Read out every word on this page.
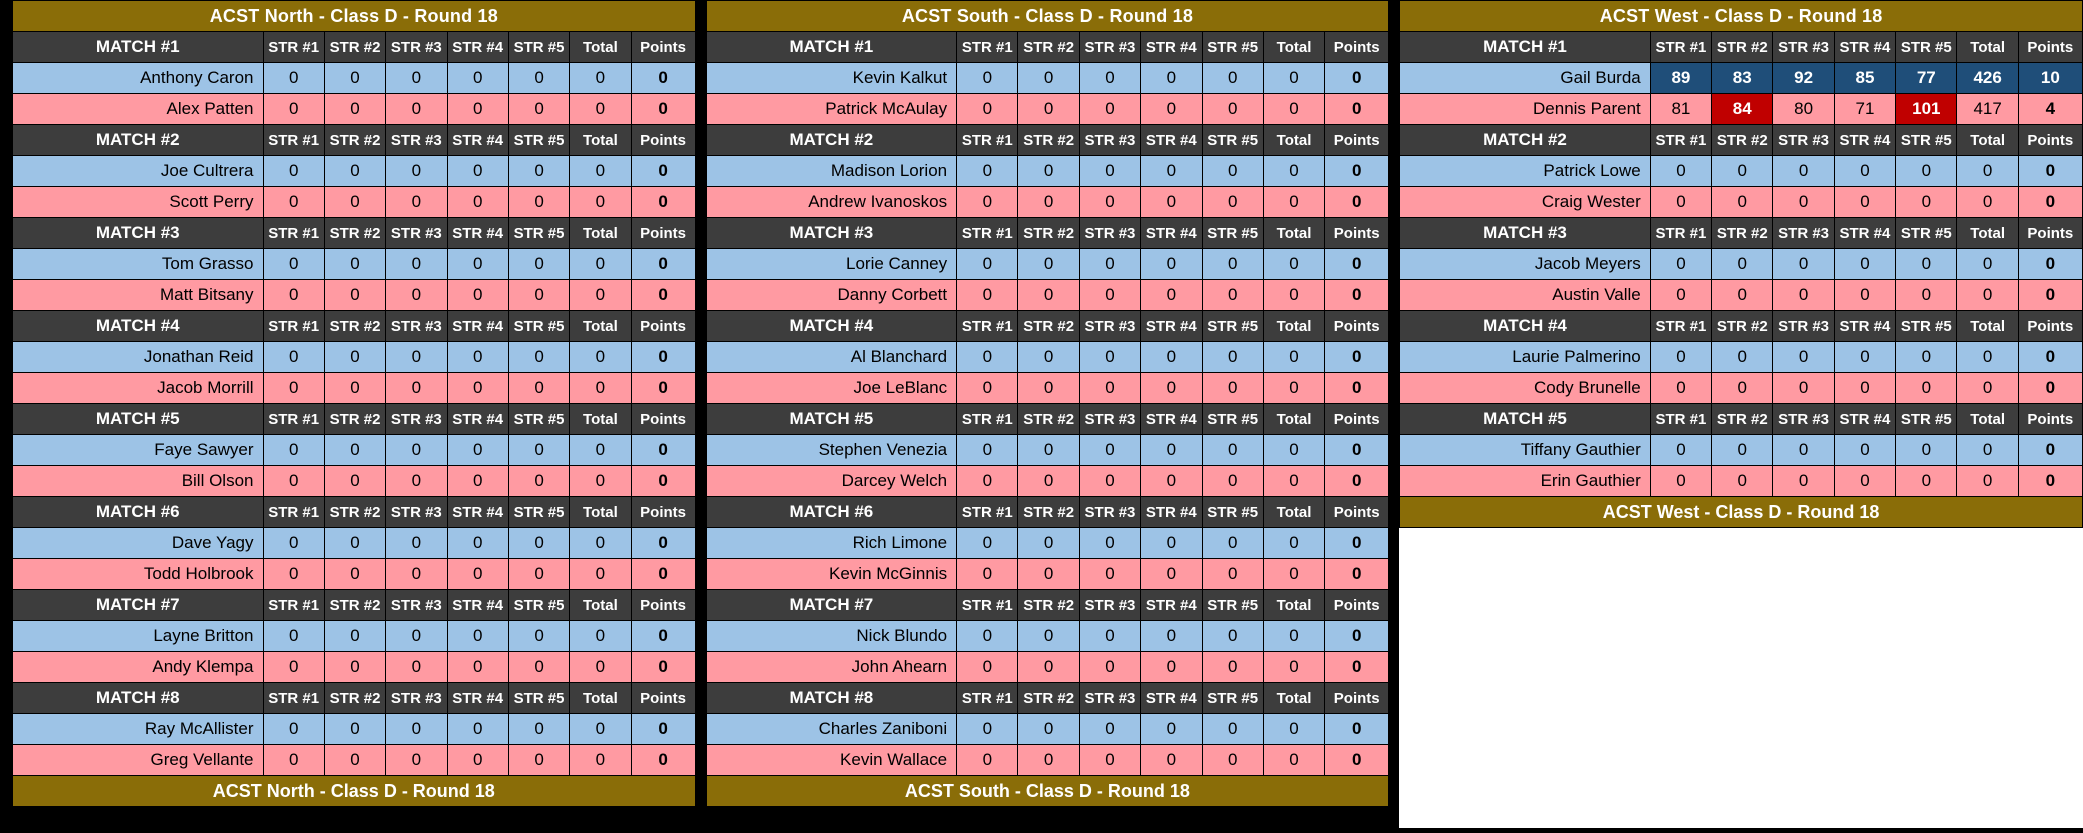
ACST North - Class D - Round 18							
MATCH #1	STR #1	STR #2	STR #3	STR #4	STR #5	Total	Points
Anthony Caron	0	0	0	0	0	0	0
Alex Patten	0	0	0	0	0	0	0
MATCH #2	STR #1	STR #2	STR #3	STR #4	STR #5	Total	Points
Joe Cultrera	0	0	0	0	0	0	0
Scott Perry	0	0	0	0	0	0	0
MATCH #3	STR #1	STR #2	STR #3	STR #4	STR #5	Total	Points
Tom Grasso	0	0	0	0	0	0	0
Matt Bitsany	0	0	0	0	0	0	0
MATCH #4	STR #1	STR #2	STR #3	STR #4	STR #5	Total	Points
Jonathan Reid	0	0	0	0	0	0	0
Jacob Morrill	0	0	0	0	0	0	0
MATCH #5	STR #1	STR #2	STR #3	STR #4	STR #5	Total	Points
Faye Sawyer	0	0	0	0	0	0	0
Bill Olson	0	0	0	0	0	0	0
MATCH #6	STR #1	STR #2	STR #3	STR #4	STR #5	Total	Points
Dave Yagy	0	0	0	0	0	0	0
Todd Holbrook	0	0	0	0	0	0	0
MATCH #7	STR #1	STR #2	STR #3	STR #4	STR #5	Total	Points
Layne Britton	0	0	0	0	0	0	0
Andy Klempa	0	0	0	0	0	0	0
MATCH #8	STR #1	STR #2	STR #3	STR #4	STR #5	Total	Points
Ray McAllister	0	0	0	0	0	0	0
Greg Vellante	0	0	0	0	0	0	0
ACST North - Class D - Round 18							
ACST South - Class D - Round 18							
MATCH #1	STR #1	STR #2	STR #3	STR #4	STR #5	Total	Points
Kevin Kalkut	0	0	0	0	0	0	0
Patrick McAulay	0	0	0	0	0	0	0
MATCH #2	STR #1	STR #2	STR #3	STR #4	STR #5	Total	Points
Madison Lorion	0	0	0	0	0	0	0
Andrew Ivanoskos	0	0	0	0	0	0	0
MATCH #3	STR #1	STR #2	STR #3	STR #4	STR #5	Total	Points
Lorie Canney	0	0	0	0	0	0	0
Danny Corbett	0	0	0	0	0	0	0
MATCH #4	STR #1	STR #2	STR #3	STR #4	STR #5	Total	Points
Al Blanchard	0	0	0	0	0	0	0
Joe LeBlanc	0	0	0	0	0	0	0
MATCH #5	STR #1	STR #2	STR #3	STR #4	STR #5	Total	Points
Stephen Venezia	0	0	0	0	0	0	0
Darcey Welch	0	0	0	0	0	0	0
MATCH #6	STR #1	STR #2	STR #3	STR #4	STR #5	Total	Points
Rich Limone	0	0	0	0	0	0	0
Kevin McGinnis	0	0	0	0	0	0	0
MATCH #7	STR #1	STR #2	STR #3	STR #4	STR #5	Total	Points
Nick Blundo	0	0	0	0	0	0	0
John Ahearn	0	0	0	0	0	0	0
MATCH #8	STR #1	STR #2	STR #3	STR #4	STR #5	Total	Points
Charles Zaniboni	0	0	0	0	0	0	0
Kevin Wallace	0	0	0	0	0	0	0
ACST South - Class D - Round 18							
ACST West - Class D - Round 18							
MATCH #1	STR #1	STR #2	STR #3	STR #4	STR #5	Total	Points
Gail Burda	89	83	92	85	77	426	10
Dennis Parent	81	84	80	71	101	417	4
MATCH #2	STR #1	STR #2	STR #3	STR #4	STR #5	Total	Points
Patrick Lowe	0	0	0	0	0	0	0
Craig Wester	0	0	0	0	0	0	0
MATCH #3	STR #1	STR #2	STR #3	STR #4	STR #5	Total	Points
Jacob Meyers	0	0	0	0	0	0	0
Austin Valle	0	0	0	0	0	0	0
MATCH #4	STR #1	STR #2	STR #3	STR #4	STR #5	Total	Points
Laurie Palmerino	0	0	0	0	0	0	0
Cody Brunelle	0	0	0	0	0	0	0
MATCH #5	STR #1	STR #2	STR #3	STR #4	STR #5	Total	Points
Tiffany Gauthier	0	0	0	0	0	0	0
Erin Gauthier	0	0	0	0	0	0	0
ACST West - Class D - Round 18							
